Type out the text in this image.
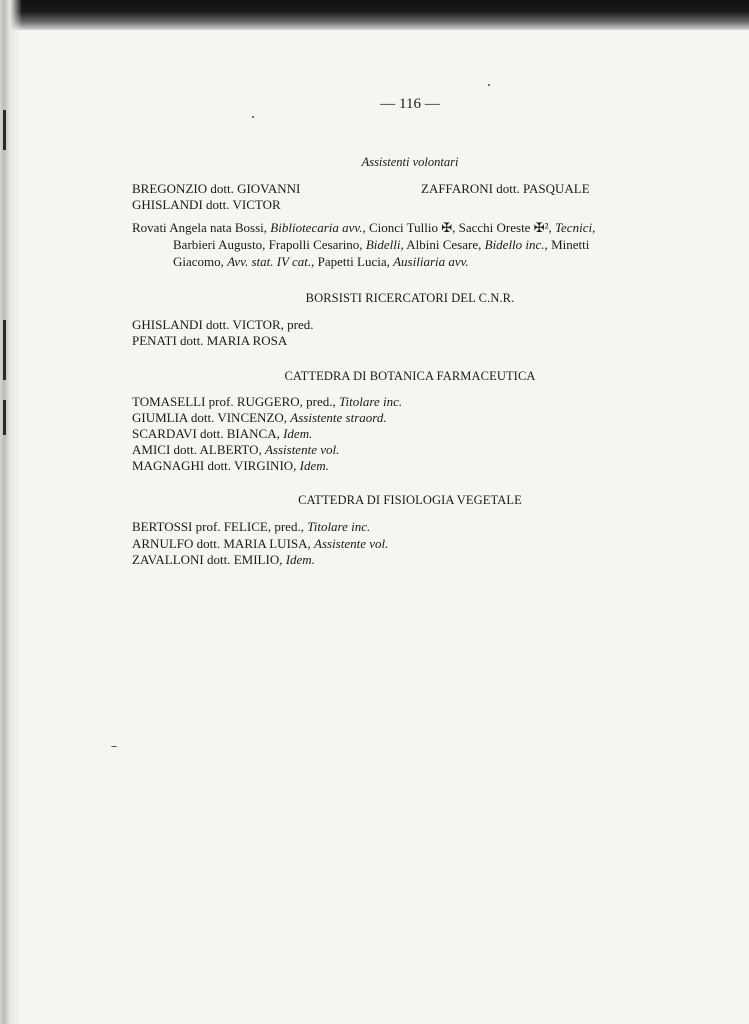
— 116 —
Assistenti volontari
BREGONZIO dott. GIOVANNI
GHISLANDI dott. VICTOR
ZAFFARONI dott. PASQUALE
Rovati Angela nata Bossi, Bibliotecaria avv., Cionci Tullio ✠, Sacchi Oreste ✠², Tecnici,
Barbieri Augusto, Frapolli Cesarino, Bidelli, Albini Cesare, Bidello inc., Minetti
Giacomo, Avv. stat. IV cat., Papetti Lucia, Ausiliaria avv.
BORSISTI RICERCATORI DEL C.N.R.
GHISLANDI dott. VICTOR, pred.
PENATI dott. MARIA ROSA
CATTEDRA DI BOTANICA FARMACEUTICA
TOMASELLI prof. RUGGERO, pred., Titolare inc.
GIUMLIA dott. VINCENZO, Assistente straord.
SCARDAVI dott. BIANCA, Idem.
AMICI dott. ALBERTO, Assistente vol.
MAGNAGHI dott. VIRGINIO, Idem.
CATTEDRA DI FISIOLOGIA VEGETALE
BERTOSSI prof. FELICE, pred., Titolare inc.
ARNULFO dott. MARIA LUISA, Assistente vol.
ZAVALLONI dott. EMILIO, Idem.
